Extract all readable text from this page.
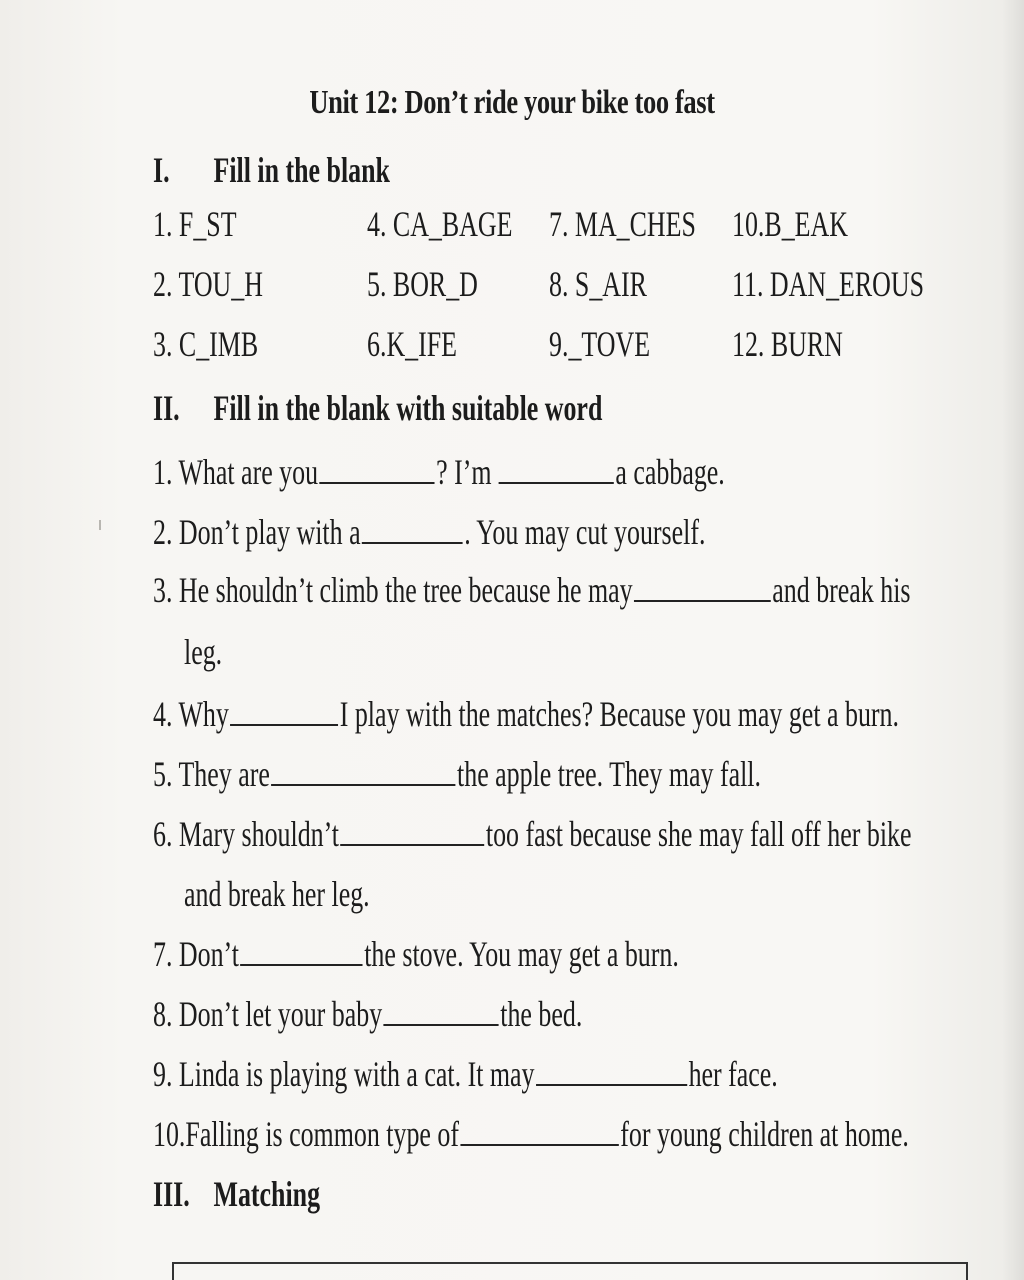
Unit 12: Don’t ride your bike too fast
I. Fill in the blank
1. F_ST	4. CA_BAGE 7. MA_CHES 10.B_EAK
2. TOU_H	5. BOR_D 8. S_AIR 11. DAN_EROUS
3. C_IMB	6.K_IFE	9._TOVE 12. BURN
II. Fill in the blank with suitable word
1. What are you	? I’m	a cabbage.
2. Don’t play with a	. You may cut yourself.
3. He shouldn’t climb the tree because he may	and break his
leg.
4. Why	I play with the matches? Because you may get a burn.
5. They are	the apple tree. They may fall.
6. Mary shouldn’t	too fast because she may fall off her bike
and break her leg.
7. Don’t	the stove. You may get a burn.
8. Don’t let your baby	the bed.
9. Linda is playing with a cat. It may	her face.
10.Falling is common type of	for young children at home.
III. Matching
